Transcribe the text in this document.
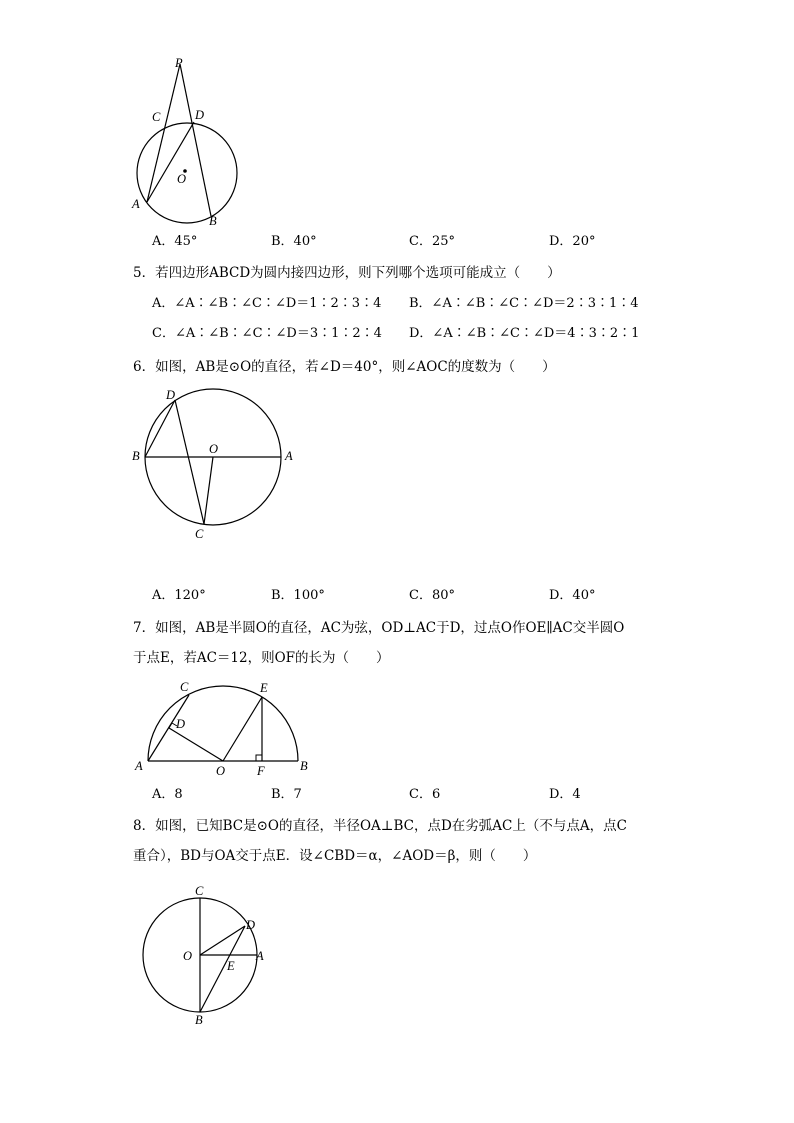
P
C	D
O
A
B
A．45°	B．40°	C．25°	D．20°
5．若四边形ABCD为圆内接四边形，则下列哪个选项可能成立（　　）
A．∠A∶∠B∶∠C∶∠D＝1∶2∶3∶4 B．∠A∶∠B∶∠C∶∠D＝2∶3∶1∶4
C．∠A∶∠B∶∠C∶∠D＝3∶1∶2∶4 D．∠A∶∠B∶∠C∶∠D＝4∶3∶2∶1
6．如图，AB是⊙O的直径，若∠D＝40°，则∠AOC的度数为（　　）
D
B	O	A
C
A．120°	B．100°	C．80°	D．40°
7．如图，AB是半圆O的直径，AC为弦，OD⊥AC于D，过点O作OE∥AC交半圆O
于点E，若AC＝12，则OF的长为（　　）
C	E
D
A	O	F	B
A．8	B．7	C．6	D．4
8．如图，已知BC是⊙O的直径，半径OA⊥BC，点D在劣弧AC上（不与点A，点C
重合），BD与OA交于点E．设∠CBD＝α，∠AOD＝β，则（　　）
C
D
O	A
E
B
